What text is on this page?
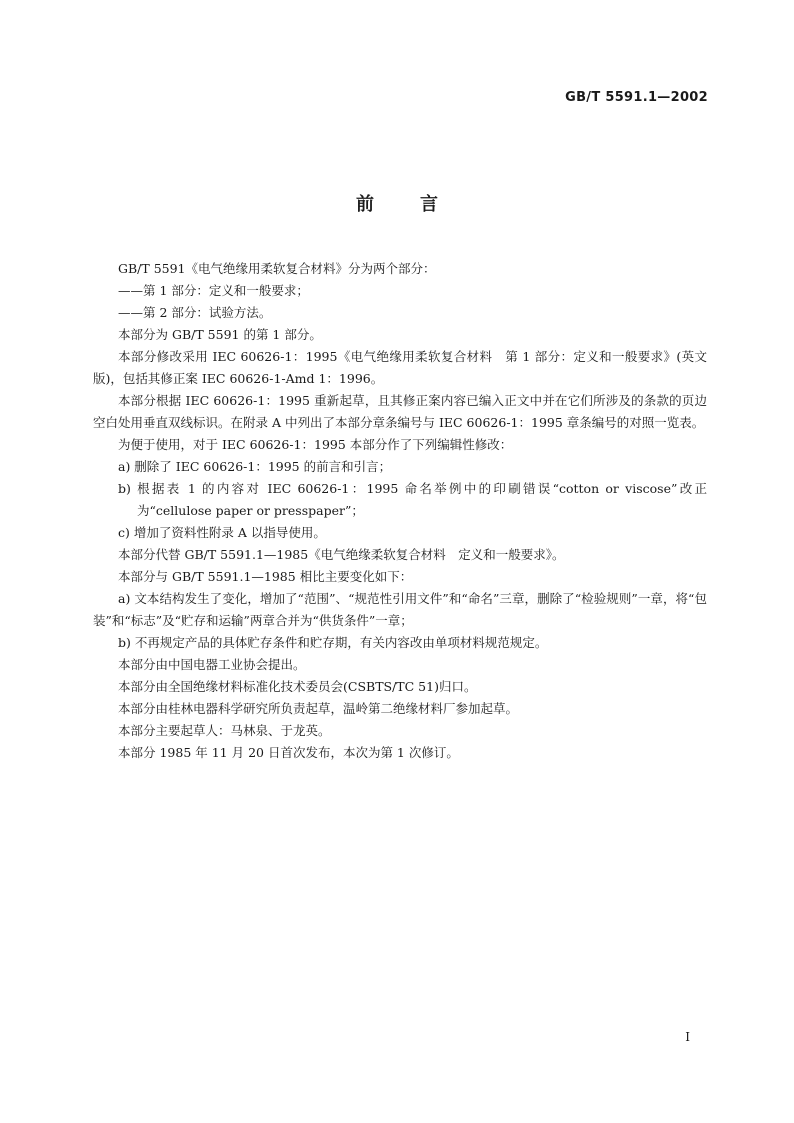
GB/T 5591.1—2002
前言

GB/T 5591《电气绝缘用柔软复合材料》分为两个部分：

——第 1 部分：定义和一般要求；

——第 2 部分：试验方法。

本部分为 GB/T 5591 的第 1 部分。

本部分修改采用 IEC 60626-1：1995《电气绝缘用柔软复合材料　第 1 部分：定义和一般要求》(英文版)，包括其修正案 IEC 60626-1-Amd 1：1996。

本部分根据 IEC 60626-1：1995 重新起草，且其修正案内容已编入正文中并在它们所涉及的条款的页边空白处用垂直双线标识。在附录 A 中列出了本部分章条编号与 IEC 60626-1：1995 章条编号的对照一览表。

为便于使用，对于 IEC 60626-1：1995 本部分作了下列编辑性修改：

a) 删除了 IEC 60626-1：1995 的前言和引言；

b) 根据表 1 的内容对 IEC 60626-1：1995 命名举例中的印刷错误“cotton or viscose”改正为“cellulose paper or presspaper”；

c) 增加了资料性附录 A 以指导使用。

本部分代替 GB/T 5591.1—1985《电气绝缘柔软复合材料　定义和一般要求》。

本部分与 GB/T 5591.1—1985 相比主要变化如下：

a) 文本结构发生了变化，增加了“范围”、“规范性引用文件”和“命名”三章，删除了“检验规则”一章，将“包装”和“标志”及“贮存和运输”两章合并为“供货条件”一章；

b) 不再规定产品的具体贮存条件和贮存期，有关内容改由单项材料规范规定。

本部分由中国电器工业协会提出。

本部分由全国绝缘材料标准化技术委员会(CSBTS/TC 51)归口。

本部分由桂林电器科学研究所负责起草，温岭第二绝缘材料厂参加起草。

本部分主要起草人：马林泉、于龙英。

本部分 1985 年 11 月 20 日首次发布，本次为第 1 次修订。

I
